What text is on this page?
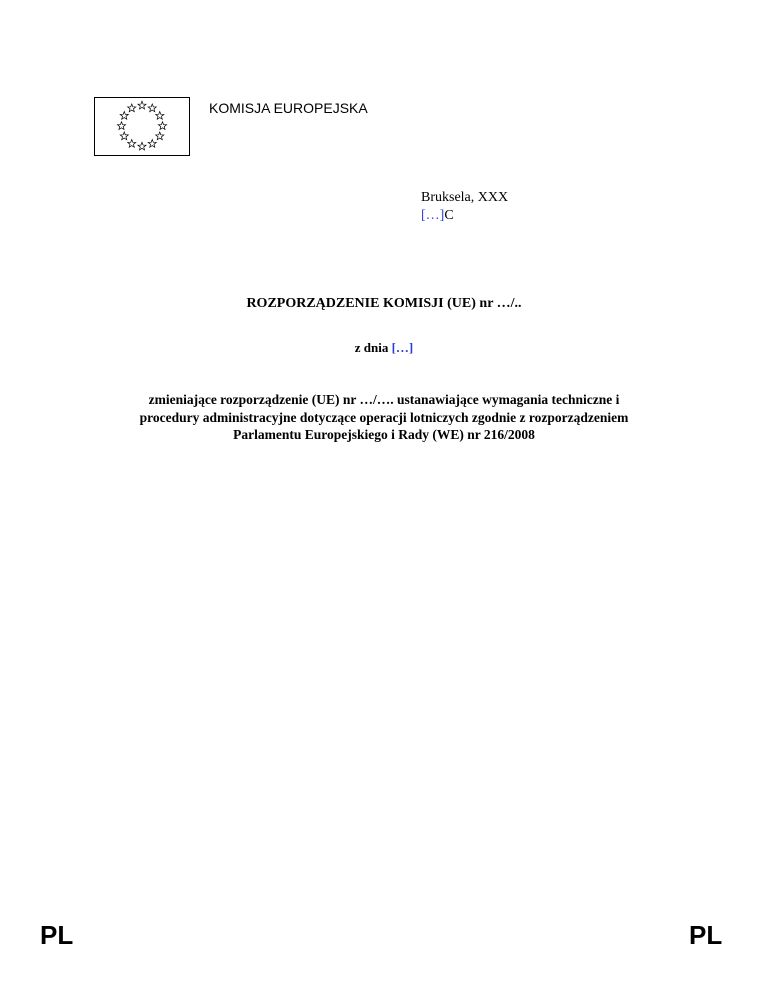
KOMISJA EUROPEJSKA
Bruksela, XXX
[…]C
ROZPORZĄDZENIE KOMISJI (UE) nr …/..
z dnia […]
zmieniające rozporządzenie (UE) nr …/…. ustanawiające wymagania techniczne i
procedury administracyjne dotyczące operacji lotniczych zgodnie z rozporządzeniem
Parlamentu Europejskiego i Rady (WE) nr 216/2008
PL	PL
